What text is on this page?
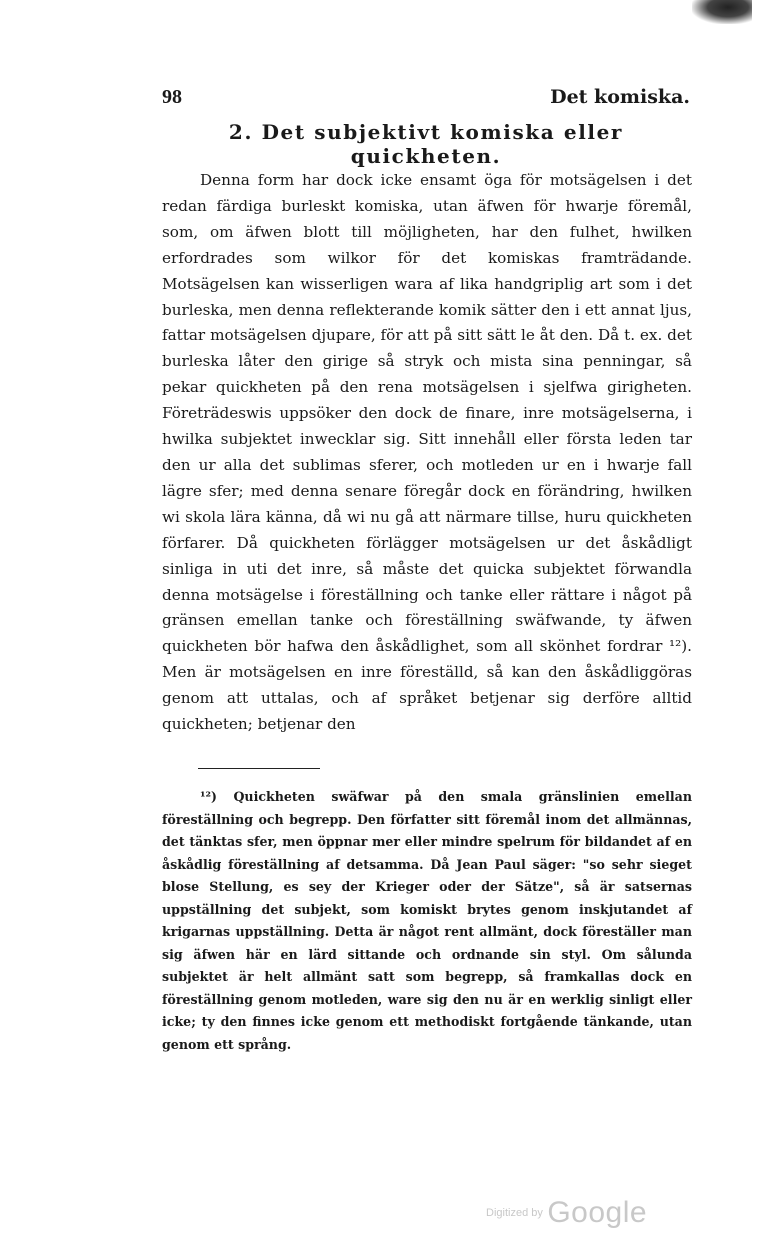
98	Det komiska.
2. Det subjektivt komiska eller quickheten.

Denna form har dock icke ensamt öga för motsägelsen i det redan färdiga burleskt komiska, utan äfwen för hwarje föremål, som, om äfwen blott till möjligheten, har den fulhet, hwilken erfordrades som wilkor för det komiskas framträdande. Motsägelsen kan wisserligen wara af lika handgriplig art som i det burleska, men denna reflekterande komik sätter den i ett annat ljus, fattar motsägelsen djupare, för att på sitt sätt le åt den. Då t. ex. det burleska låter den girige så stryk och mista sina penningar, så pekar quickheten på den rena motsägelsen i sjelfwa girigheten. Företrädeswis uppsöker den dock de finare, inre motsägelserna, i hwilka subjektet inwecklar sig. Sitt innehåll eller första leden tar den ur alla det sublimas sferer, och motleden ur en i hwarje fall lägre sfer; med denna senare föregår dock en förändring, hwilken wi skola lära känna, då wi nu gå att närmare tillse, huru quickheten förfarer. Då quickheten förlägger motsägelsen ur det åskådligt sinliga in uti det inre, så måste det quicka subjektet förwandla denna motsägelse i föreställning och tanke eller rättare i något på gränsen emellan tanke och föreställning swäfwande, ty äfwen quickheten bör hafwa den åskådlighet, som all skönhet fordrar ¹²). Men är motsägelsen en inre föreställd, så kan den åskådliggöras genom att uttalas, och af språket betjenar sig derföre alltid quickheten; betjenar den

¹²) Quickheten swäfwar på den smala gränslinien emellan föreställning och begrepp. Den författer sitt föremål inom det allmännas, det tänktas sfer, men öppnar mer eller mindre spelrum för bildandet af en åskådlig föreställning af detsamma. Då Jean Paul säger: "so sehr sieget blose Stellung, es sey der Krieger oder der Sätze", så är satsernas uppställning det subjekt, som komiskt brytes genom inskjutandet af krigarnas uppställning. Detta är något rent allmänt, dock föreställer man sig äfwen här en lärd sittande och ordnande sin styl. Om sålunda subjektet är helt allmänt satt som begrepp, så framkallas dock en föreställning genom motleden, ware sig den nu är en werklig sinligt eller icke; ty den finnes icke genom ett methodiskt fortgående tänkande, utan genom ett språng.

Digitized by Google
